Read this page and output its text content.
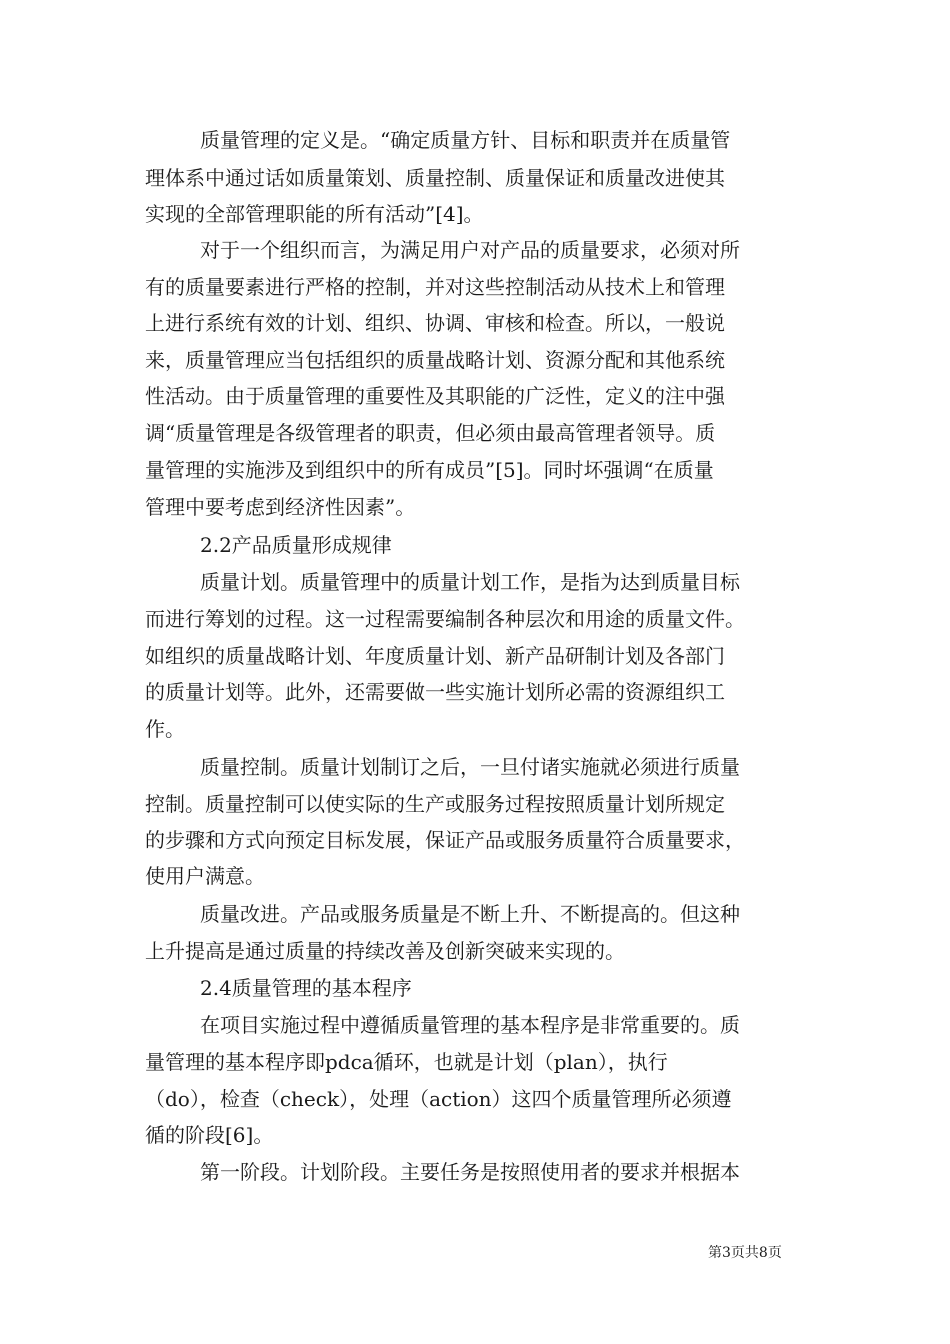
质量管理的定义是。“确定质量方针、目标和职责并在质量管
理体系中通过话如质量策划、质量控制、质量保证和质量改进使其
实现的全部管理职能的所有活动”[4]。
对于一个组织而言，为满足用户对产品的质量要求，必须对所
有的质量要素进行严格的控制，并对这些控制活动从技术上和管理
上进行系统有效的计划、组织、协调、审核和检查。所以，一般说
来，质量管理应当包括组织的质量战略计划、资源分配和其他系统
性活动。由于质量管理的重要性及其职能的广泛性，定义的注中强
调“质量管理是各级管理者的职责，但必须由最高管理者领导。质
量管理的实施涉及到组织中的所有成员”[5]。同时坏强调“在质量
管理中要考虑到经济性因素”。
2.2产品质量形成规律
质量计划。质量管理中的质量计划工作，是指为达到质量目标
而进行筹划的过程。这一过程需要编制各种层次和用途的质量文件。
如组织的质量战略计划、年度质量计划、新产品研制计划及各部门
的质量计划等。此外，还需要做一些实施计划所必需的资源组织工
作。
质量控制。质量计划制订之后，一旦付诸实施就必须进行质量
控制。质量控制可以使实际的生产或服务过程按照质量计划所规定
的步骤和方式向预定目标发展，保证产品或服务质量符合质量要求，
使用户满意。
质量改进。产品或服务质量是不断上升、不断提高的。但这种
上升提高是通过质量的持续改善及创新突破来实现的。
2.4质量管理的基本程序
在项目实施过程中遵循质量管理的基本程序是非常重要的。质
量管理的基本程序即pdca循环，也就是计划（plan），执行
（do），检查（check），处理（action）这四个质量管理所必须遵
循的阶段[6]。
第一阶段。计划阶段。主要任务是按照使用者的要求并根据本
第3页共8页
